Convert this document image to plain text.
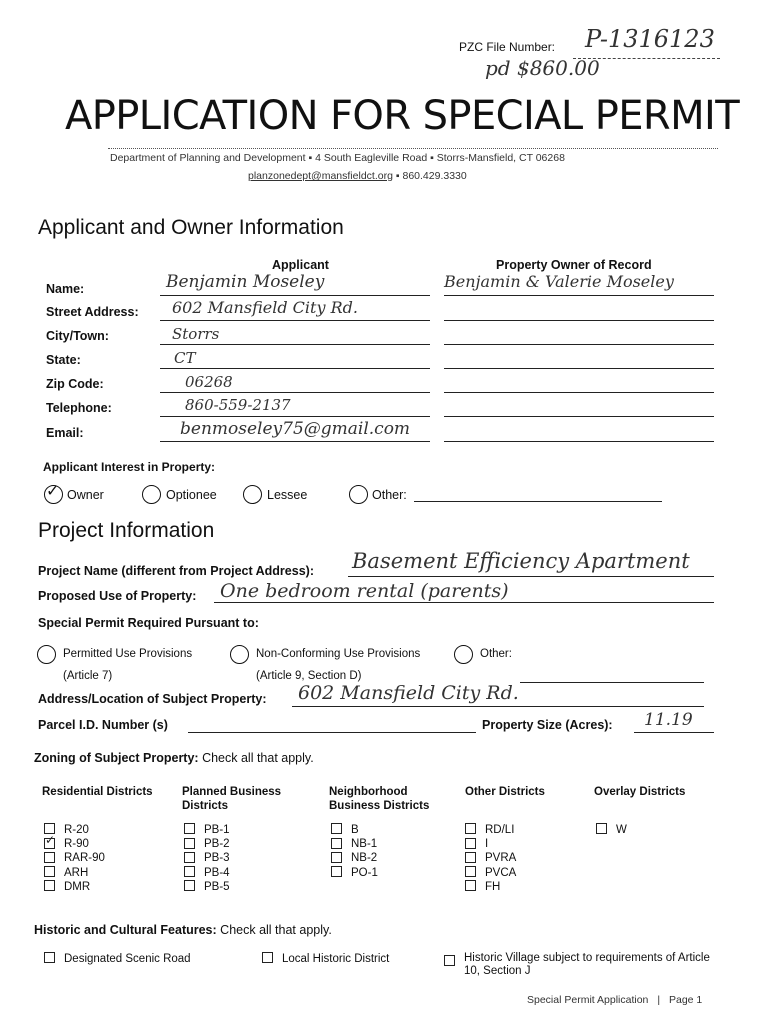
PZC File Number: P-1316123
pd $860.00
APPLICATION FOR SPECIAL PERMIT
Department of Planning and Development ▪ 4 South Eagleville Road ▪ Storrs-Mansfield, CT 06268
planzonedept@mansfieldct.org ▪ 860.429.3330
Applicant and Owner Information
Applicant	Property Owner of Record
Name:	Benjamin Moseley	Benjamin & Valerie Moseley
Street Address: 602 Mansfield City Rd.
City/Town:	Storrs
State:	CT
Zip Code:	06268
Telephone:	860-559-2137
Email:	benmoseley75@gmail.com
Applicant Interest in Property:
✓ Owner	Optionee	Lessee	Other:
Project Information
Project Name (different from Project Address): Basement Efficiency Apartment
Proposed Use of Property: One bedroom rental (parents)
Special Permit Required Pursuant to:
Permitted Use Provisions
(Article 7)
Non-Conforming Use Provisions
(Article 9, Section D)
Other:
Address/Location of Subject Property: 602 Mansfield City Rd.
Parcel I.D. Number (s)	Property Size (Acres): 11.19
Zoning of Subject Property: Check all that apply.
Residential Districts
R-20
✓R-90
RAR-90
ARH
DMR
Planned Business Districts
PB-1
PB-2
PB-3
PB-4
PB-5
Neighborhood Business Districts
B
NB-1
NB-2
PO-1
Other Districts
RD/LI
I
PVRA
PVCA
FH
Overlay Districts
W
Historic and Cultural Features: Check all that apply.
Designated Scenic Road	Local Historic District	Historic Village subject to requirements of Article 10, Section J
Special Permit Application | Page 1
